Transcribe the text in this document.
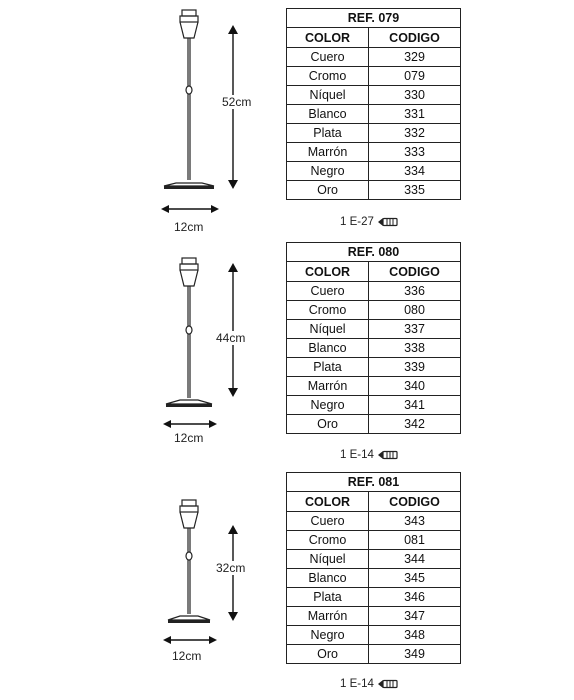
52cm
12cm
REF. 079	
COLOR	CODIGO
Cuero	329
Cromo	079
Níquel	330
Blanco	331
Plata	332
Marrón	333
Negro	334
Oro	335
1 E-27
44cm
12cm
REF. 080	
COLOR	CODIGO
Cuero	336
Cromo	080
Níquel	337
Blanco	338
Plata	339
Marrón	340
Negro	341
Oro	342
1 E-14
32cm
12cm
REF. 081	
COLOR	CODIGO
Cuero	343
Cromo	081
Níquel	344
Blanco	345
Plata	346
Marrón	347
Negro	348
Oro	349
1 E-14
